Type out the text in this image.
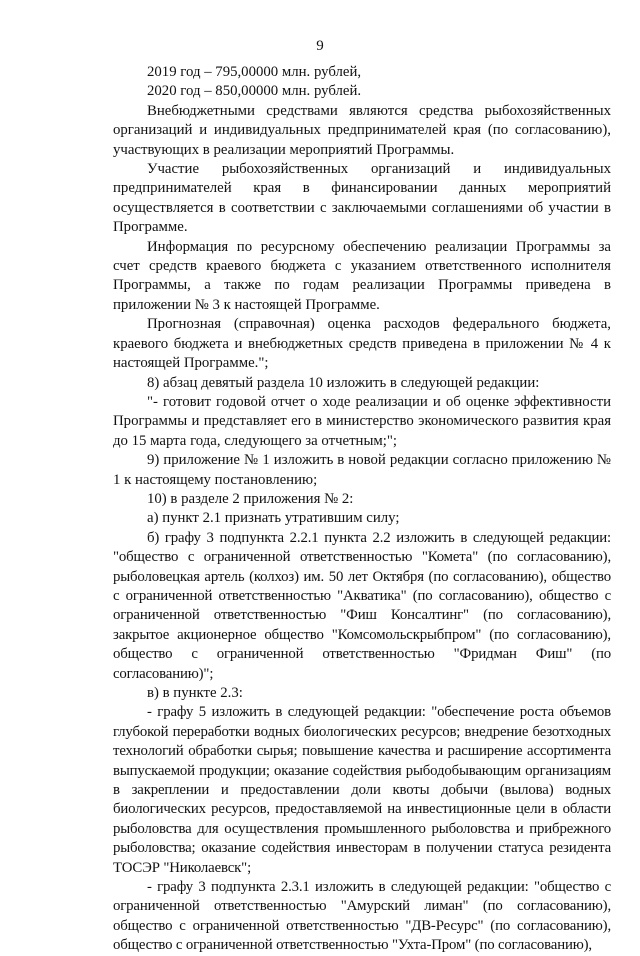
9

2019 год – 795,00000 млн. рублей,

2020 год – 850,00000 млн. рублей.

Внебюджетными средствами являются средства рыбохозяйственных организаций и индивидуальных предпринимателей края (по согласованию), участвующих в реализации мероприятий Программы.

Участие рыбохозяйственных организаций и индивидуальных предпринимателей края в финансировании данных мероприятий осуществляется в соответствии с заключаемыми соглашениями об участии в Программе.

Информация по ресурсному обеспечению реализации Программы за счет средств краевого бюджета с указанием ответственного исполнителя Программы, а также по годам реализации Программы приведена в приложении № 3 к настоящей Программе.

Прогнозная (справочная) оценка расходов федерального бюджета, краевого бюджета и внебюджетных средств приведена в приложении № 4 к настоящей Программе.";

8) абзац девятый раздела 10 изложить в следующей редакции:

"- готовит годовой отчет о ходе реализации и об оценке эффективности Программы и представляет его в министерство экономического развития края до 15 марта года, следующего за отчетным;";

9) приложение № 1 изложить в новой редакции согласно приложению № 1 к настоящему постановлению;

10) в разделе 2 приложения № 2:

а) пункт 2.1 признать утратившим силу;

б) графу 3 подпункта 2.2.1 пункта 2.2 изложить в следующей редакции: "общество с ограниченной ответственностью "Комета" (по согласованию), рыболовецкая артель (колхоз) им. 50 лет Октября (по согласованию), общество с ограниченной ответственностью "Акватика" (по согласованию), общество с ограниченной ответственностью "Фиш Консалтинг" (по согласованию), закрытое акционерное общество "Комсомольскрыбпром" (по согласованию), общество с ограниченной ответственностью "Фридман Фиш" (по согласованию)";

в) в пункте 2.3:

- графу 5 изложить в следующей редакции: "обеспечение роста объемов глубокой переработки водных биологических ресурсов; внедрение безотходных технологий обработки сырья; повышение качества и расширение ассортимента выпускаемой продукции; оказание содействия рыбодобывающим организациям в закреплении и предоставлении доли квоты добычи (вылова) водных биологических ресурсов, предоставляемой на инвестиционные цели в области рыболовства для осуществления промышленного рыболовства и прибрежного рыболовства; оказание содействия инвесторам в получении статуса резидента ТОСЭР "Николаевск";

- графу 3 подпункта 2.3.1 изложить в следующей редакции: "общество с ограниченной ответственностью "Амурский лиман" (по согласованию), общество с ограниченной ответственностью "ДВ-Ресурс" (по согласованию), общество с ограниченной ответственностью "Ухта-Пром" (по согласованию),
